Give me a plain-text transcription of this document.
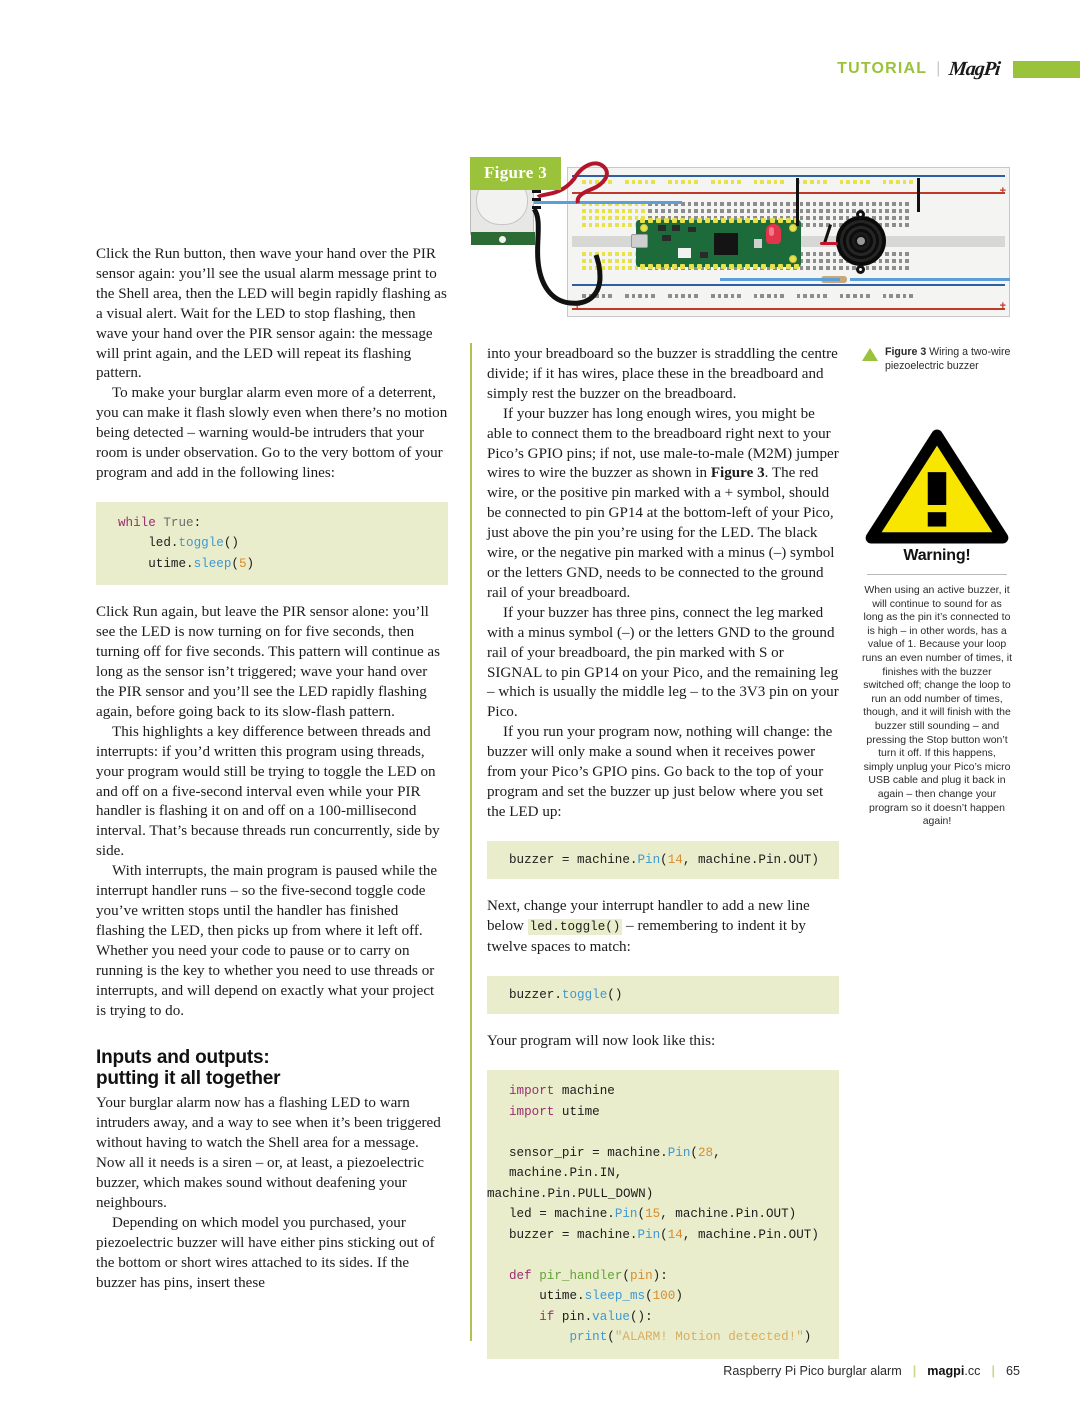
TUTORIAL | MagPi
Figure 3
+
+	+

Click the Run button, then wave your hand over the PIR sensor again: you’ll see the usual alarm message print to the Shell area, then the LED will begin rapidly flashing as a visual alert. Wait for the LED to stop flashing, then wave your hand over the PIR sensor again: the message will print again, and the LED will repeat its flashing pattern.

To make your burglar alarm even more of a deterrent, you can make it flash slowly even when there’s no motion being detected – warning would-be intruders that your room is under observation. Go to the very bottom of your program and add in the following lines:

while True:
led.toggle()
utime.sleep(5)

Click Run again, but leave the PIR sensor alone: you’ll see the LED is now turning on for five seconds, then turning off for five seconds. This pattern will continue as long as the sensor isn’t triggered; wave your hand over the PIR sensor and you’ll see the LED rapidly flashing again, before going back to its slow-flash pattern.

This highlights a key difference between threads and interrupts: if you’d written this program using threads, your program would still be trying to toggle the LED on and off on a five-second interval even while your PIR handler is flashing it on and off on a 100-millisecond interval. That’s because threads run concurrently, side by side.

With interrupts, the main program is paused while the interrupt handler runs – so the five-second toggle code you’ve written stops until the handler has finished flashing the LED, then picks up from where it left off. Whether you need your code to pause or to carry on running is the key to whether you need to use threads or interrupts, and will depend on exactly what your project is trying to do.

Inputs and outputs:
putting it all together

Your burglar alarm now has a flashing LED to warn intruders away, and a way to see when it’s been triggered without having to watch the Shell area for a message. Now all it needs is a siren – or, at least, a piezoelectric buzzer, which makes sound without deafening your neighbours.

Depending on which model you purchased, your piezoelectric buzzer will have either pins sticking out of the bottom or short wires attached to its sides. If the buzzer has pins, insert these

into your breadboard so the buzzer is straddling the centre divide; if it has wires, place these in the breadboard and simply rest the buzzer on the breadboard.

If your buzzer has long enough wires, you might be able to connect them to the breadboard right next to your Pico’s GPIO pins; if not, use male-to-male (M2M) jumper wires to wire the buzzer as shown in Figure 3. The red wire, or the positive pin marked with a + symbol, should be connected to pin GP14 at the bottom-left of your Pico, just above the pin you’re using for the LED. The black wire, or the negative pin marked with a minus (–) symbol or the letters GND, needs to be connected to the ground rail of your breadboard.

If your buzzer has three pins, connect the leg marked with a minus symbol (–) or the letters GND to the ground rail of your breadboard, the pin marked with S or SIGNAL to pin GP14 on your Pico, and the remaining leg – which is usually the middle leg – to the 3V3 pin on your Pico.

If you run your program now, nothing will change: the buzzer will only make a sound when it receives power from your Pico’s GPIO pins. Go back to the top of your program and set the buzzer up just below where you set the LED up:

buzzer = machine.Pin(14, machine.Pin.OUT)

Next, change your interrupt handler to add a new line below led.toggle() – remembering to indent it by twelve spaces to match:

buzzer.toggle()

Your program will now look like this:

import machine
import utime

sensor_pir = machine.Pin(28, machine.Pin.IN,
machine.Pin.PULL_DOWN)
led = machine.Pin(15, machine.Pin.OUT)
buzzer = machine.Pin(14, machine.Pin.OUT)

def pir_handler(pin):
utime.sleep_ms(100)
if pin.value():
print("ALARM! Motion detected!")
Figure 3 Wiring a two-wire piezoelectric buzzer
Warning!
When using an active buzzer, it will continue to sound for as long as the pin it’s connected to is high – in other words, has a value of 1. Because your loop runs an even number of times, it finishes with the buzzer switched off; change the loop to run an odd number of times, though, and it will finish with the buzzer still sounding – and pressing the Stop button won’t turn it off. If this happens, simply unplug your Pico’s micro USB cable and plug it back in again – then change your program so it doesn’t happen again!
Raspberry Pi Pico burglar alarm | magpi.cc | 65
